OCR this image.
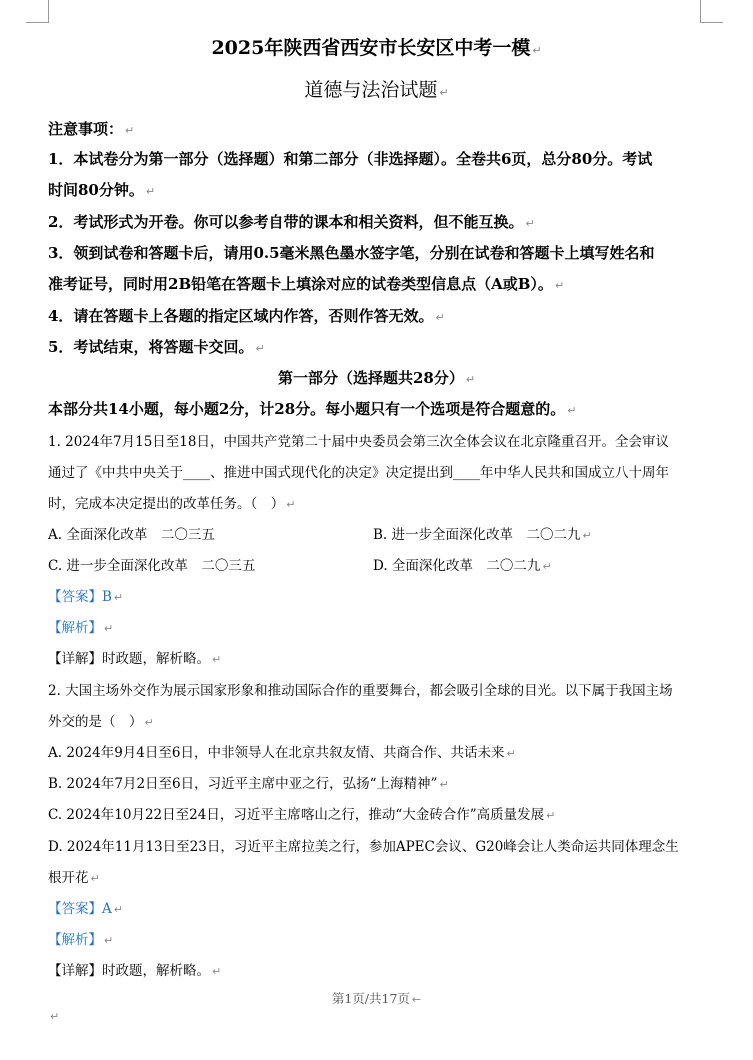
2025年陕西省西安市长安区中考一模 ↵
道德与法治试题 ↵
注意事项： ↵
1．本试卷分为第一部分（选择题）和第二部分（非选择题）。全卷共6页，总分80分。考试
时间80分钟。 ↵
2．考试形式为开卷。你可以参考自带的课本和相关资料，但不能互换。 ↵
3．领到试卷和答题卡后，请用0.5毫米黑色墨水签字笔，分别在试卷和答题卡上填写姓名和
准考证号，同时用2B铅笔在答题卡上填涂对应的试卷类型信息点（A或B）。 ↵
4．请在答题卡上各题的指定区域内作答，否则作答无效。 ↵
5．考试结束，将答题卡交回。 ↵
第一部分（选择题共28分） ↵
本部分共14小题，每小题2分，计28分。每小题只有一个选项是符合题意的。 ↵
1. 2024年7月15日至18日，中国共产党第二十届中央委员会第三次全体会议在北京隆重召开。全会审议
通过了《中共中央关于____、推进中国式现代化的决定》决定提出到____年中华人民共和国成立八十周年
时，完成本决定提出的改革任务。（　） ↵
A. 全面深化改革　二〇三五	B. 进一步全面深化改革　二〇二九 ↵
C. 进一步全面深化改革　二〇三五	D. 全面深化改革　二〇二九 ↵
【答案】B ↵
【解析】 ↵
【详解】时政题，解析略。 ↵
2. 大国主场外交作为展示国家形象和推动国际合作的重要舞台，都会吸引全球的目光。以下属于我国主场
外交的是（　） ↵
A. 2024年9月4日至6日，中非领导人在北京共叙友情、共商合作、共话未来 ↵
B. 2024年7月2日至6日，习近平主席中亚之行，弘扬“上海精神” ↵
C. 2024年10月22日至24日，习近平主席喀山之行，推动“大金砖合作”高质量发展 ↵
D. 2024年11月13日至23日，习近平主席拉美之行，参加APEC会议、G20峰会让人类命运共同体理念生
根开花 ↵
【答案】A ↵
【解析】 ↵
【详解】时政题，解析略。 ↵
第1页/共17页 ←
↵
